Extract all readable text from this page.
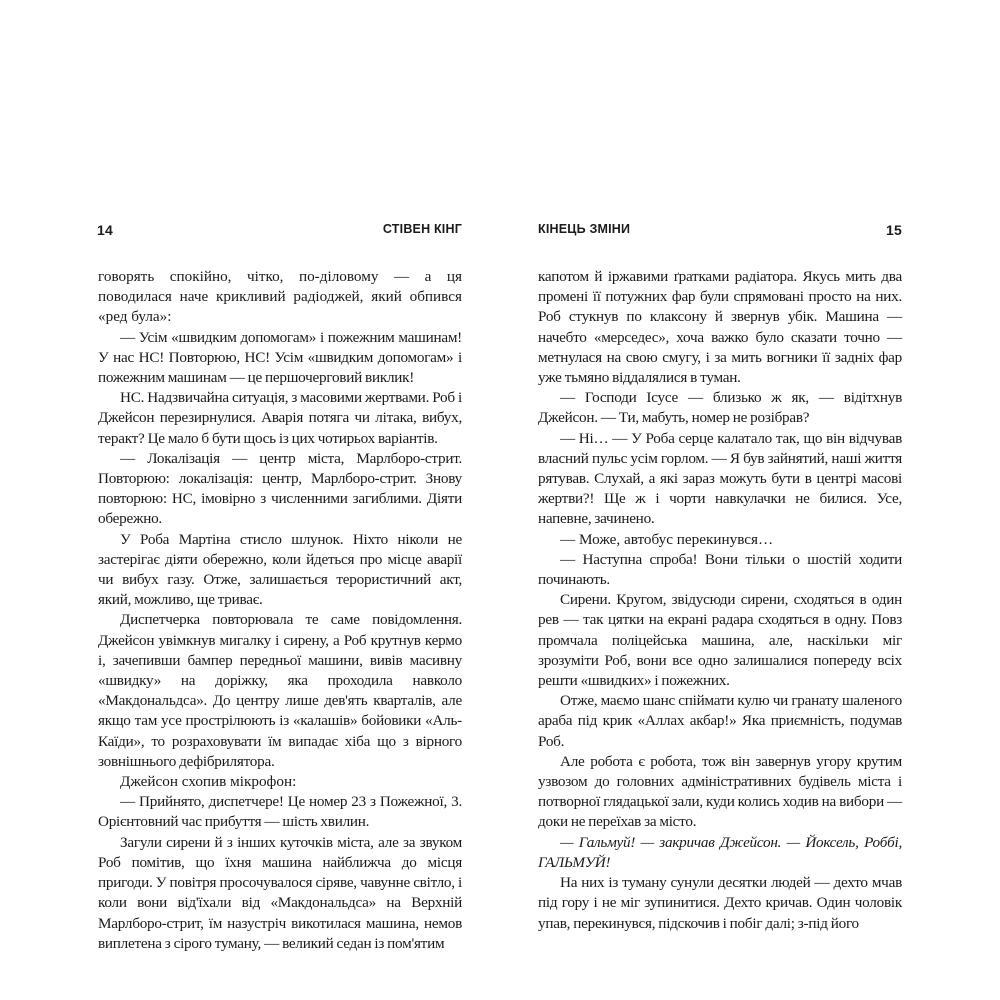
14	СТІВЕН КІНГ

говорять спокійно, чітко, по-діловому — а ця поводилася наче крикливий радіоджей, який обпився «ред була»:

— Усім «швидким допомогам» і пожежним машинам! У нас НС! Повторюю, НС! Усім «швидким допомогам» і пожежним машинам — це першочерговий виклик!

НС. Надзвичайна ситуація, з масовими жертвами. Роб і Джейсон перезирнулися. Аварія потяга чи літака, вибух, теракт? Це мало б бути щось із цих чотирьох варіантів.

— Локалізація — центр міста, Марлборо-стрит. Повторюю: локалізація: центр, Марлборо-стрит. Знову повторюю: НС, імовірно з численними загиблими. Діяти обережно.

У Роба Мартіна стисло шлунок. Ніхто ніколи не застерігає діяти обережно, коли йдеться про місце аварії чи вибух газу. Отже, залишається терористичний акт, який, можливо, ще триває.

Диспетчерка повторювала те саме повідомлення. Джейсон увімкнув мигалку і сирену, а Роб крутнув кермо і, зачепивши бампер передньої машини, вивів мaсивну «швидку» на доріжку, яка проходила навколо «Макдональдса». До центру лише дев'ять кварталів, але якщо там усе прострілюють із «калашів» бойовики «Аль-Каїди», то розраховувати їм випадає хіба що з вірного зовнішнього дефібрилятора.

Джейсон схопив мікрофон:

— Прийнято, диспетчере! Це номер 23 з Пожежної, 3. Орієнтовний час прибуття — шість хвилин.

Загули сирени й з інших куточків міста, але за звуком Роб помітив, що їхня машина найближча до місця пригоди. У повітря просочувалося сіряве, чавунне світло, і коли вони від'їхали від «Макдональдса» на Верхній Марлборо-стрит, їм назустріч викотилася машина, немов виплетена з сірого туману, — великий седан із пом'ятим

КІНЕЦЬ ЗМІНИ	15

капотом й іржавими ґратками радіатора. Якусь мить два промені її потужних фар були спрямовані просто на них. Роб стукнув по клаксону й звернув убік. Машина — начебто «мерседес», хоча важко було сказати точно — метнулася на свою смугу, і за мить вогники її задніх фар уже тьмяно віддалялися в туман.

— Господи Ісусе — близько ж як, — відітхнув Джейсон. — Ти, мабуть, номер не розібрав?

— Ні… — У Роба серце калатало так, що він відчував власний пульс усім горлом. — Я був зайнятий, наші життя рятував. Слухай, а які зараз можуть бути в центрі масові жертви?! Ще ж і чорти навкулачки не билися. Усе, напевне, зачинено.

— Може, автобус перекинувся…

— Наступна спроба! Вони тільки о шостій ходити починають.

Сирени. Кругом, звідусюди сирени, сходяться в один рев — так цятки на екрані радара сходяться в одну. Повз промчала поліцейська машина, але, наскільки міг зрозуміти Роб, вони все одно залишалися попереду всіх решти «швидких» і пожежних.

Отже, маємо шанс спіймати кулю чи гранату шаленого араба під крик «Аллах акбар!» Яка приємність, подумав Роб.

Але робота є робота, тож він завернув угору крутим узвозом до головних адміністративних будівель міста і потворної глядацької зали, куди колись ходив на вибори — доки не переїхав за місто.

— Гальмуй! — закричав Джейсон. — Йоксель, Роббі, ГАЛЬМУЙ!

На них із туману сунули десятки людей — дехто мчав під гору і не міг зупинитися. Дехто кричав. Один чоловік упав, перекинувся, підскочив і побіг далі; з-під його
